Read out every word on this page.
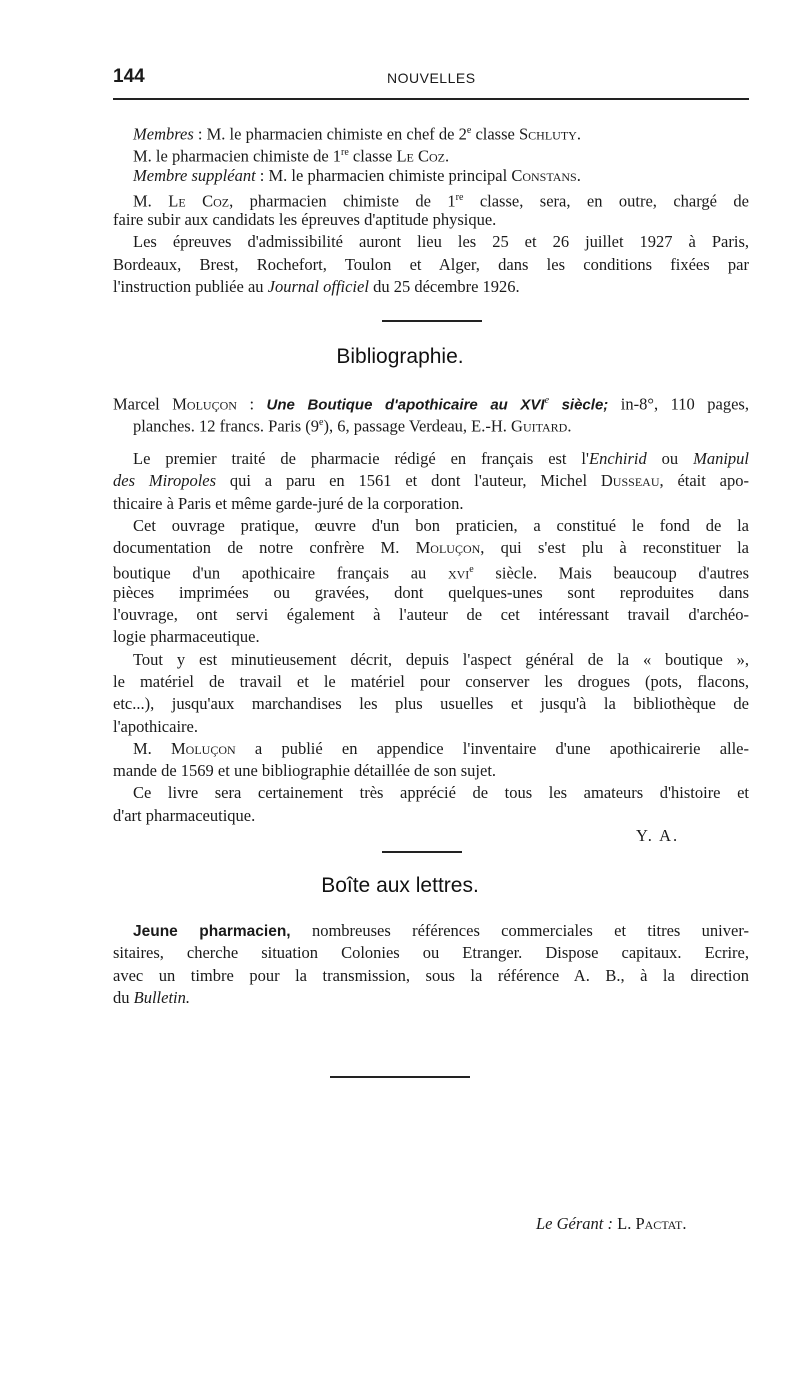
144	NOUVELLES
Membres : M. le pharmacien chimiste en chef de 2e classe Schluty.
M. le pharmacien chimiste de 1re classe Le Coz.
Membre suppléant : M. le pharmacien chimiste principal Constans.
M. Le Coz, pharmacien chimiste de 1re classe, sera, en outre, chargé de
faire subir aux candidats les épreuves d'aptitude physique.
Les épreuves d'admissibilité auront lieu les 25 et 26 juillet 1927 à Paris,
Bordeaux, Brest, Rochefort, Toulon et Alger, dans les conditions fixées par
l'instruction publiée au Journal officiel du 25 décembre 1926.
Bibliographie.
Marcel Moluçon : Une Boutique d'apothicaire au XVIe siècle; in-8°, 110 pages,
planches. 12 francs. Paris (9e), 6, passage Verdeau, E.-H. Guitard.
Le premier traité de pharmacie rédigé en français est l'Enchirid ou Manipul
des Miropoles qui a paru en 1561 et dont l'auteur, Michel Dusseau, était apo-
thicaire à Paris et même garde-juré de la corporation.
Cet ouvrage pratique, œuvre d'un bon praticien, a constitué le fond de la
documentation de notre confrère M. Moluçon, qui s'est plu à reconstituer la
boutique d'un apothicaire français au xvi$^e$ siècle. Mais beaucoup d'autres
pièces imprimées ou gravées, dont quelques-unes sont reproduites dans
l'ouvrage, ont servi également à l'auteur de cet intéressant travail d'archéo-
logie pharmaceutique.
Tout y est minutieusement décrit, depuis l'aspect général de la « boutique »,
le matériel de travail et le matériel pour conserver les drogues (pots, flacons,
etc...), jusqu'aux marchandises les plus usuelles et jusqu'à la bibliothèque de
l'apothicaire.
M. Moluçon a publié en appendice l'inventaire d'une apothicairerie alle-
mande de 1569 et une bibliographie détaillée de son sujet.
Ce livre sera certainement très apprécié de tous les amateurs d'histoire et
d'art pharmaceutique.
Y. A.
Boîte aux lettres.
Jeune pharmacien, nombreuses références commerciales et titres univer-
sitaires, cherche situation Colonies ou Etranger. Dispose capitaux. Ecrire,
avec un timbre pour la transmission, sous la référence A. B., à la direction
du Bulletin.
Le Gérant : L. Pactat.
